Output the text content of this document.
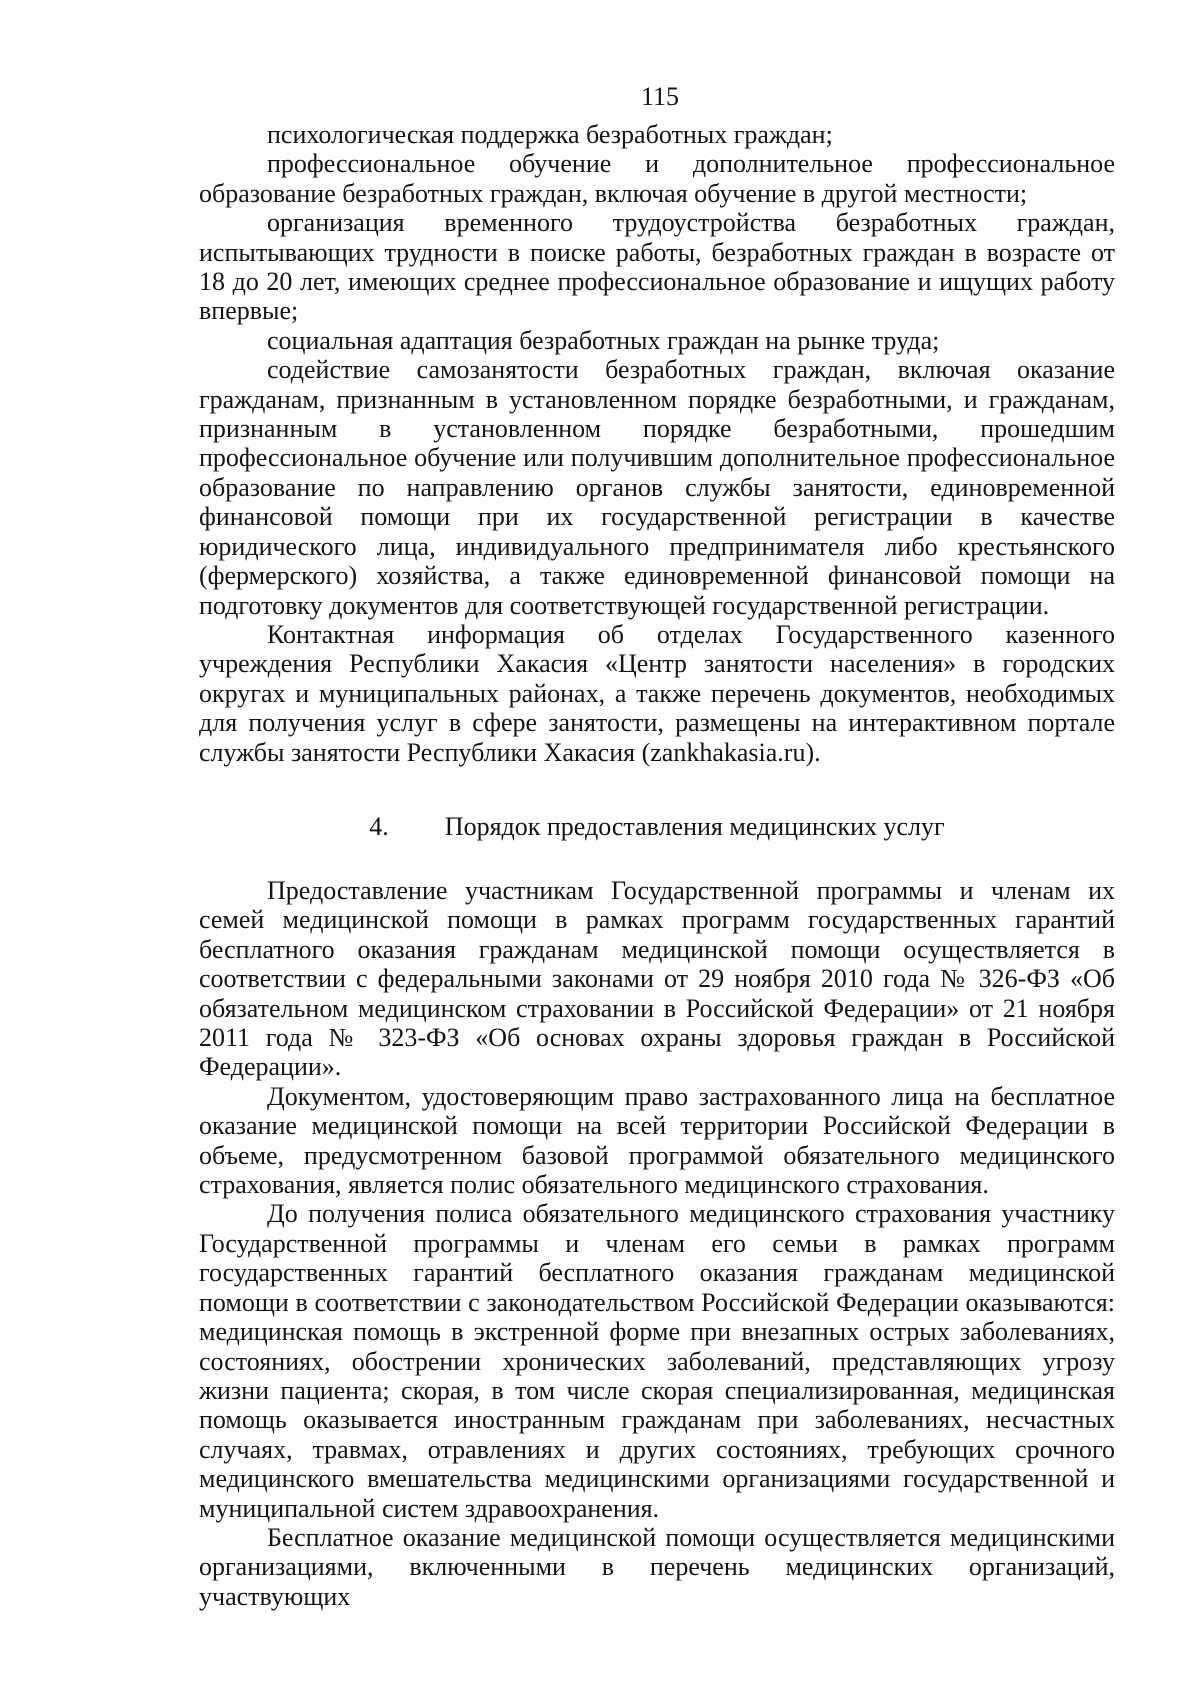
115

психологическая поддержка безработных граждан;

профессиональное обучение и дополнительное профессиональное образование безработных граждан, включая обучение в другой местности;

организация временного трудоустройства безработных граждан, испытывающих трудности в поиске работы, безработных граждан в возрасте от 18 до 20 лет, имеющих среднее профессиональное образование и ищущих работу впервые;

социальная адаптация безработных граждан на рынке труда;

содействие самозанятости безработных граждан, включая оказание гражданам, признанным в установленном порядке безработными, и гражданам, признанным в установленном порядке безработными, прошедшим профессиональное обучение или получившим дополнительное профессиональное образование по направлению органов службы занятости, единовременной финансовой помощи при их государственной регистрации в качестве юридического лица, индивидуального предпринимателя либо крестьянского (фермерского) хозяйства, а также единовременной финансовой помощи на подготовку документов для соответствующей государственной регистрации.

Контактная информация об отделах Государственного казенного учреждения Республики Хакасия «Центр занятости населения» в городских округах и муниципальных районах, а также перечень документов, необходимых для получения услуг в сфере занятости, размещены на интерактивном портале службы занятости Республики Хакасия (zankhakasia.ru).

4. Порядок предоставления медицинских услуг

Предоставление участникам Государственной программы и членам их семей медицинской помощи в рамках программ государственных гарантий бесплатного оказания гражданам медицинской помощи осуществляется в соответствии с федеральными законами от 29 ноября 2010 года № 326-ФЗ «Об обязательном медицинском страховании в Российской Федерации» от 21 ноября 2011 года № 323-ФЗ «Об основах охраны здоровья граждан в Российской Федерации».

Документом, удостоверяющим право застрахованного лица на бесплатное оказание медицинской помощи на всей территории Российской Федерации в объеме, предусмотренном базовой программой обязательного медицинского страхования, является полис обязательного медицинского страхования.

До получения полиса обязательного медицинского страхования участнику Государственной программы и членам его семьи в рамках программ государственных гарантий бесплатного оказания гражданам медицинской помощи в соответствии с законодательством Российской Федерации оказываются: медицинская помощь в экстренной форме при внезапных острых заболеваниях, состояниях, обострении хронических заболеваний, представляющих угрозу жизни пациента; скорая, в том числе скорая специализированная, медицинская помощь оказывается иностранным гражданам при заболеваниях, несчастных случаях, травмах, отравлениях и других состояниях, требующих срочного медицинского вмешательства медицинскими организациями государственной и муниципальной систем здравоохранения.

Бесплатное оказание медицинской помощи осуществляется медицинскими организациями, включенными в перечень медицинских организаций, участвующих
